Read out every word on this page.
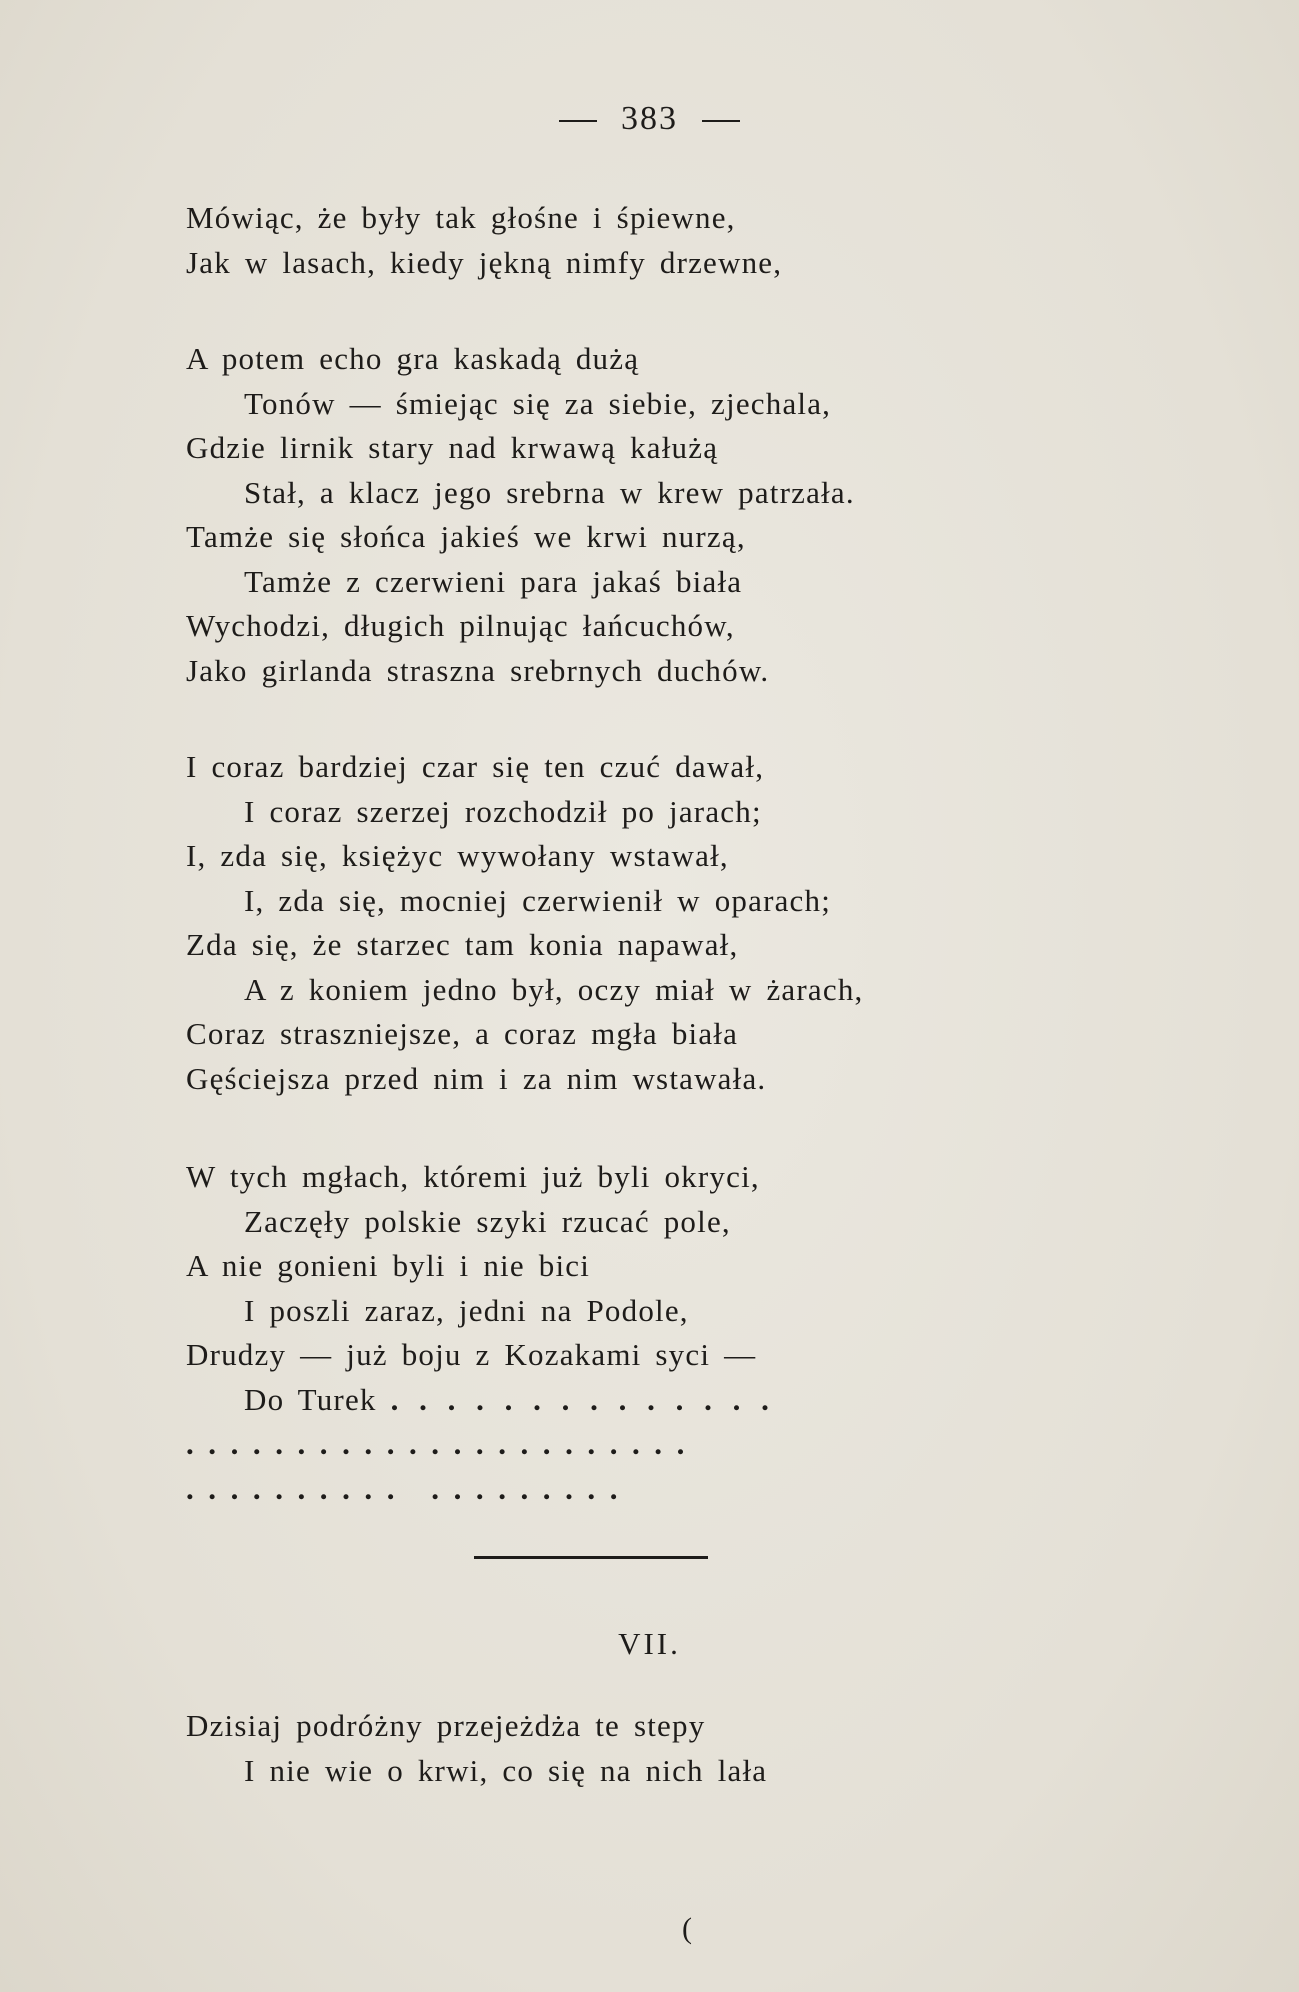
383
Mówiąc, że były tak głośne i śpiewne,
Jak w lasach, kiedy jękną nimfy drzewne,
A potem echo gra kaskadą dużą
Tonów — śmiejąc się za siebie, zjechala,
Gdzie lirnik stary nad krwawą kałużą
Stał, a klacz jego srebrna w krew patrzała.
Tamże się słońca jakieś we krwi nurzą,
Tamże z czerwieni para jakaś biała
Wychodzi, długich pilnując łańcuchów,
Jako girlanda straszna srebrnych duchów.
I coraz bardziej czar się ten czuć dawał,
I coraz szerzej rozchodził po jarach;
I, zda się, księżyc wywołany wstawał,
I, zda się, mocniej czerwienił w oparach;
Zda się, że starzec tam konia napawał,
A z koniem jedno był, oczy miał w żarach,
Coraz straszniejsze, a coraz mgła biała
Gęściejsza przed nim i za nim wstawała.
W tych mgłach, któremi już byli okryci,
Zaczęły polskie szyki rzucać pole,
A nie gonieni byli i nie bici
I poszli zaraz, jedni na Podole,
Drudzy — już boju z Kozakami syci —
Do Turek . . . . . . . . . . . . . .
. . . . . . . . . . . . . . . . . . . . . . .
. . . . . . . . . .   . . . . . . . . .
VII.
Dzisiaj podróżny przejeżdża te stepy
I nie wie o krwi, co się na nich lała
(
